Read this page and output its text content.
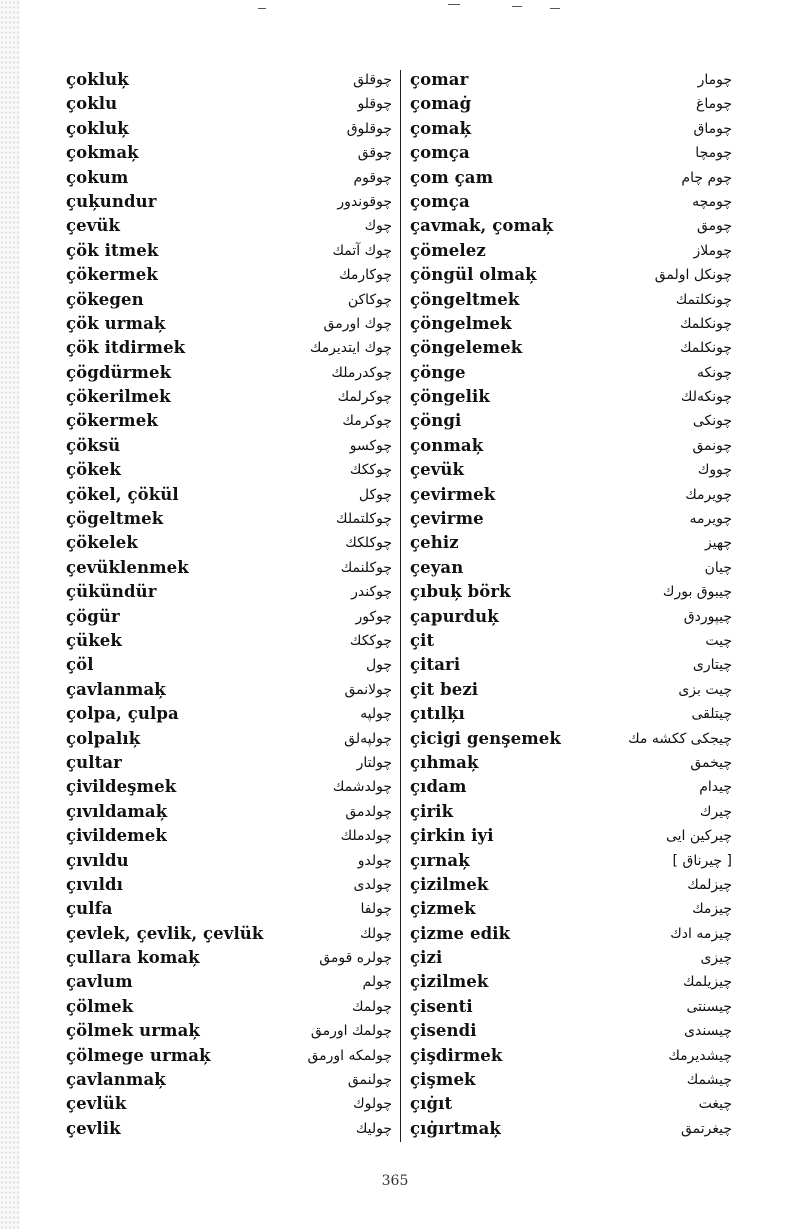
çokluķ	چوقلق
çoklu	چوقلو
çokluķ	چوقلوق
çokmaķ	چوقق
çokum	چوقوم
çuķundur	چوقوندور
çevük	چوك
çök itmek	چوك آتمك
çökermek	چوكارمك
çökegen	چوكاكن
çök urmaķ	چوك اورمق
çök itdirmek	چوك ايتديرمك
çögdürmek	چوكدرملك
çökerilmek	چوكرلمك
çökermek	چوكرمك
çöksü	چوكسو
çökek	چوككك
çökel, çökül	چوكل
çögeltmek	چوكلتملك
çökelek	چوكلكك
çevüklenmek	چوكلنمك
çükündür	چوكندر
çögür	چوكور
çükek	چوككك
çöl	چول
çavlanmaķ	چولانمق
çolpa, çulpa	چولپه
çolpalıķ	چولپه‌لق
çultar	چولتار
çivildeşmek	چولدشمك
çıvıldamaķ	چولدمق
çivildemek	چولدملك
çıvıldu	چولدو
çıvıldı	چولدی
çulfa	چولفا
çevlek, çevlik, çevlük	چولك
çullara komaķ	چولره قومق
çavlum	چولم
çölmek	چولمك
çölmek urmaķ	چولمك اورمق
çölmege urmaķ	چولمكه اورمق
çavlanmaķ	چولنمق
çevlük	چولوك
çevlik	چوليك
çomar	چومار
çomaġ	چوماغ
çomaķ	چوماق
çomça	چومچا
çom çam	چوم چام
çomça	چومچه
çavmak, çomaķ	چومق
çömelez	چوملاز
çöngül olmaķ	چونكل اولمق
çöngeltmek	چونكلتمك
çöngelmek	چونكلمك
çöngelemek	چونكلمك
çönge	چونكه
çöngelik	چونكه‌لك
çöngi	چونكی
çonmaķ	چونمق
çevük	چووك
çevirmek	چویرمك
çevirme	چویرمه
çehiz	چهيز
çeyan	چيان
çıbuķ börk	چيبوق بورك
çapurduķ	چيپوردق
çit	چيت
çitari	چيتاری
çit bezi	چيت بزی
çıtılķı	چيتلقی
çicigi genşemek	چيجكی ككشه مك
çıhmaķ	چيخمق
çıdam	چيدام
çirik	چيرك
çirkin iyi	چيركين ايی
çırnaķ	[ چيرناق ]
çizilmek	چيزلمك
çizmek	چيزمك
çizme edik	چيزمه ادك
çizi	چيزی
çizilmek	چيزيلمك
çisenti	چيسنتی
çisendi	چيسندی
çişdirmek	چيشديرمك
çişmek	چيشمك
çıġıt	چيغت
çıġırtmaķ	چيغرتمق
365
